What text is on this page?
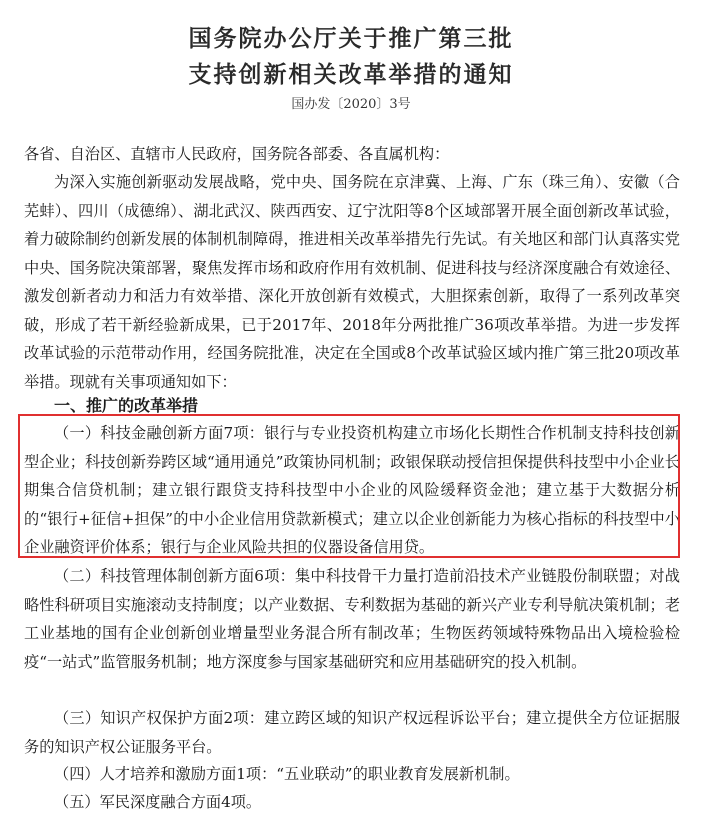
国务院办公厅关于推广第三批
支持创新相关改革举措的通知
国办发〔2020〕3号

各省、自治区、直辖市人民政府，国务院各部委、各直属机构：

为深入实施创新驱动发展战略，党中央、国务院在京津冀、上海、广东（珠三角）、安徽（合芜蚌）、四川（成德绵）、湖北武汉、陕西西安、辽宁沈阳等8个区域部署开展全面创新改革试验，着力破除制约创新发展的体制机制障碍，推进相关改革举措先行先试。有关地区和部门认真落实党中央、国务院决策部署，聚焦发挥市场和政府作用有效机制、促进科技与经济深度融合有效途径、激发创新者动力和活力有效举措、深化开放创新有效模式，大胆探索创新，取得了一系列改革突破，形成了若干新经验新成果，已于2017年、2018年分两批推广36项改革举措。为进一步发挥改革试验的示范带动作用，经国务院批准，决定在全国或8个改革试验区域内推广第三批20项改革举措。现就有关事项通知如下：

一、推广的改革举措

（一）科技金融创新方面7项：银行与专业投资机构建立市场化长期性合作机制支持科技创新型企业；科技创新券跨区域“通用通兑”政策协同机制；政银保联动授信担保提供科技型中小企业长期集合信贷机制；建立银行跟贷支持科技型中小企业的风险缓释资金池；建立基于大数据分析的“银行+征信+担保”的中小企业信用贷款新模式；建立以企业创新能力为核心指标的科技型中小企业融资评价体系；银行与企业风险共担的仪器设备信用贷。

（二）科技管理体制创新方面6项：集中科技骨干力量打造前沿技术产业链股份制联盟；对战略性科研项目实施滚动支持制度；以产业数据、专利数据为基础的新兴产业专利导航决策机制；老工业基地的国有企业创新创业增量型业务混合所有制改革；生物医药领域特殊物品出入境检验检疫“一站式”监管服务机制；地方深度参与国家基础研究和应用基础研究的投入机制。

（三）知识产权保护方面2项：建立跨区域的知识产权远程诉讼平台；建立提供全方位证据服务的知识产权公证服务平台。

（四）人才培养和激励方面1项：“五业联动”的职业教育发展新机制。

（五）军民深度融合方面4项。
